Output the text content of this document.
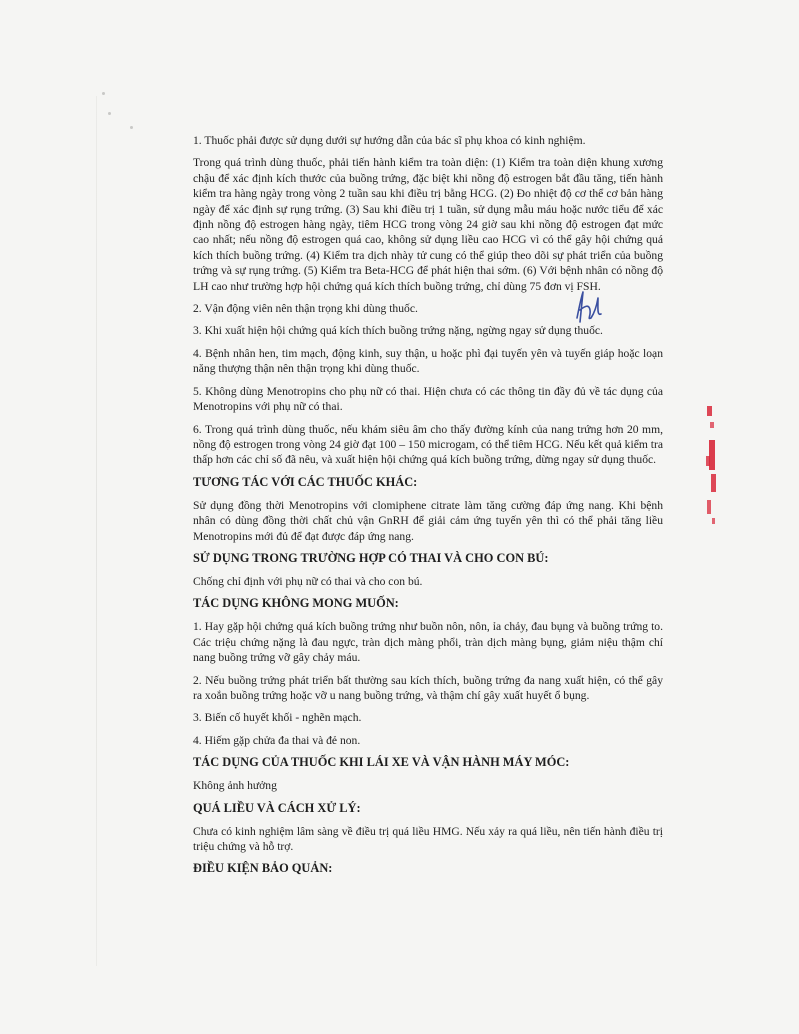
1. Thuốc phải được sử dụng dưới sự hướng dẫn của bác sĩ phụ khoa có kinh nghiệm.

Trong quá trình dùng thuốc, phải tiến hành kiểm tra toàn diện: (1) Kiểm tra toàn diện khung xương chậu để xác định kích thước của buồng trứng, đặc biệt khi nồng độ estrogen bắt đầu tăng, tiến hành kiểm tra hàng ngày trong vòng 2 tuần sau khi điều trị bằng HCG. (2) Đo nhiệt độ cơ thể cơ bản hàng ngày để xác định sự rụng trứng. (3) Sau khi điều trị 1 tuần, sử dụng mẫu máu hoặc nước tiểu để xác định nồng độ estrogen hàng ngày, tiêm HCG trong vòng 24 giờ sau khi nồng độ estrogen đạt mức cao nhất; nếu nồng độ estrogen quá cao, không sử dụng liều cao HCG vì có thể gây hội chứng quá kích thích buồng trứng. (4) Kiểm tra dịch nhày tử cung có thể giúp theo dõi sự phát triển của buồng trứng và sự rụng trứng. (5) Kiểm tra Beta-HCG để phát hiện thai sớm. (6) Với bệnh nhân có nồng độ LH cao như trường hợp hội chứng quá kích thích buồng trứng, chỉ dùng 75 đơn vị FSH.

2. Vận động viên nên thận trọng khi dùng thuốc.

3. Khi xuất hiện hội chứng quá kích thích buồng trứng nặng, ngừng ngay sử dụng thuốc.

4. Bệnh nhân hen, tim mạch, động kinh, suy thận, u hoặc phì đại tuyến yên và tuyến giáp hoặc loạn năng thượng thận nên thận trọng khi dùng thuốc.

5. Không dùng Menotropins cho phụ nữ có thai. Hiện chưa có các thông tin đầy đủ về tác dụng của Menotropins với phụ nữ có thai.

6. Trong quá trình dùng thuốc, nếu khám siêu âm cho thấy đường kính của nang trứng hơn 20 mm, nồng độ estrogen trong vòng 24 giờ đạt 100 – 150 microgam, có thể tiêm HCG. Nếu kết quả kiểm tra thấp hơn các chỉ số đã nêu, và xuất hiện hội chứng quá kích buồng trứng, dừng ngay sử dụng thuốc.

TƯƠNG TÁC VỚI CÁC THUỐC KHÁC:

Sử dụng đồng thời Menotropins với clomiphene citrate làm tăng cường đáp ứng nang. Khi bệnh nhân có dùng đồng thời chất chủ vận GnRH để giải cảm ứng tuyến yên thì có thể phải tăng liều Menotropins mới đủ để đạt được đáp ứng nang.

SỬ DỤNG TRONG TRƯỜNG HỢP CÓ THAI VÀ CHO CON BÚ:

Chống chỉ định với phụ nữ có thai và cho con bú.

TÁC DỤNG KHÔNG MONG MUỐN:

1. Hay gặp hội chứng quá kích buồng trứng như buồn nôn, nôn, ỉa chảy, đau bụng và buồng trứng to. Các triệu chứng nặng là đau ngực, tràn dịch màng phổi, tràn dịch màng bụng, giảm niệu thậm chí nang buồng trứng vỡ gây chảy máu.

2. Nếu buồng trứng phát triển bất thường sau kích thích, buồng trứng đa nang xuất hiện, có thể gây ra xoắn buồng trứng hoặc vỡ u nang buồng trứng, và thậm chí gây xuất huyết ổ bụng.

3. Biến cố huyết khối - nghẽn mạch.

4. Hiếm gặp chửa đa thai và đẻ non.

TÁC DỤNG CỦA THUỐC KHI LÁI XE VÀ VẬN HÀNH MÁY MÓC:

Không ảnh hưởng

QUÁ LIỀU VÀ CÁCH XỬ LÝ:

Chưa có kinh nghiệm lâm sàng về điều trị quá liều HMG. Nếu xảy ra quá liều, nên tiến hành điều trị triệu chứng và hỗ trợ.

ĐIỀU KIỆN BẢO QUẢN:
